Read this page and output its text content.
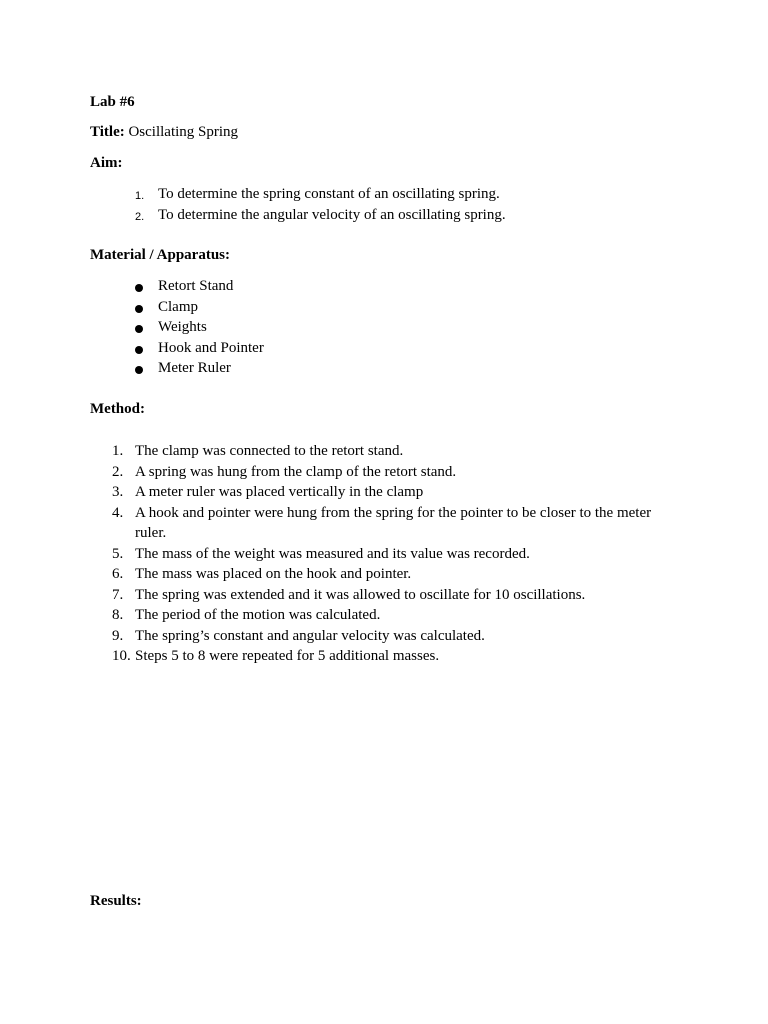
Lab #6
Title: Oscillating Spring
Aim:
1. To determine the spring constant of an oscillating spring.
2. To determine the angular velocity of an oscillating spring.
Material / Apparatus:
Retort Stand
Clamp
Weights
Hook and Pointer
Meter Ruler
Method:
1. The clamp was connected to the retort stand.
2. A spring was hung from the clamp of the retort stand.
3. A meter ruler was placed vertically in the clamp
4. A hook and pointer were hung from the spring for the pointer to be closer to the meter ruler.
5. The mass of the weight was measured and its value was recorded.
6. The mass was placed on the hook and pointer.
7. The spring was extended and it was allowed to oscillate for 10 oscillations.
8. The period of the motion was calculated.
9. The spring’s constant and angular velocity was calculated.
10. Steps 5 to 8 were repeated for 5 additional masses.
Results:
